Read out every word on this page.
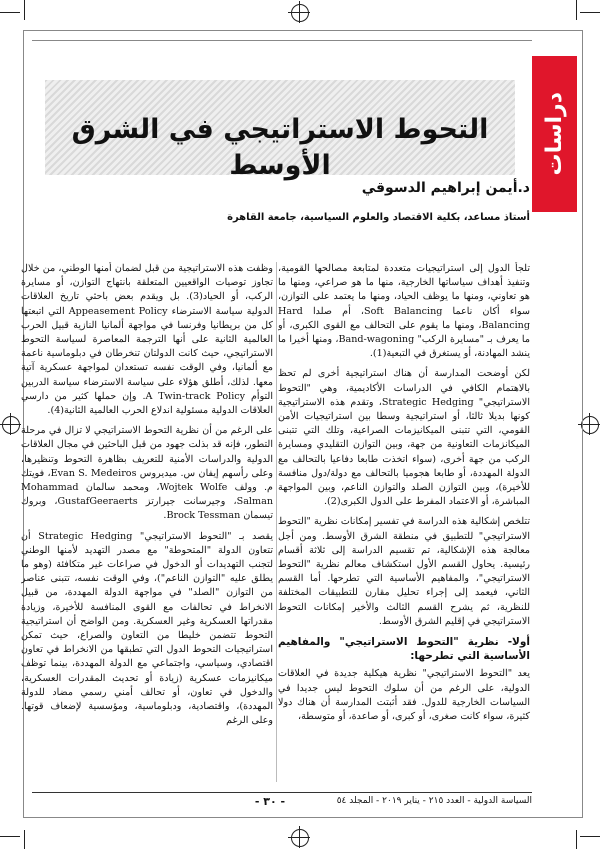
دراسات
التحوط الاستراتيجي في الشرق الأوسط
د.أيمن إبراهيم الدسوقي
أستاذ مساعد، بكلية الاقتصاد والعلوم السياسية، جامعة القاهرة

تلجأ الدول إلى استراتيجيات متعددة لمتابعة مصالحها القومية، وتنفيذ أهداف سياساتها الخارجية، منها ما هو صراعي، ومنها ما هو تعاوني، ومنها ما يوظف الحياد، ومنها ما يعتمد على التوازن، سواء أكان ناعما Soft Balancing، أم صلدا Hard Balancing، ومنها ما يقوم على التحالف مع القوى الكبرى، أو ما يعرف بـ "مسايرة الركب" Band-wagoning، ومنها أخيرا ما ينشد المهادنة، أو يستغرق في التبعية(1).

لكن أوضحت المدارسة أن هناك استراتيجية أخرى لم تحظ بالاهتمام الكافي في الدراسات الأكاديمية، وهي "التحوط الاستراتيجي" Strategic Hedging، وتقدم هذه الاستراتيجية كونها بديلا ثالثا، أو استراتيجية وسطا بين استراتيجيات الأمن القومي، التي تتبنى الميكانيزمات الصراعية، وتلك التي تتبنى الميكانزمات التعاونية من جهة، وبين التوازن التقليدي ومسايرة الركب من جهة أخرى، (سواء اتخذت طابعا دفاعيا بالتحالف مع الدولة المهددة، أو طابعا هجوميا بالتحالف مع دولة/دول منافسة للأخيرة)، وبين التوازن الصلد والتوازن الناعم، وبين المواجهة المباشرة، أو الاعتماد المفرط على الدول الكبرى(2).

تتلخص إشكالية هذه الدراسة في تفسير إمكانات نظرية "التحوط الاستراتيجي" للتطبيق في منطقة الشرق الأوسط. ومن أجل معالجة هذه الإشكالية، تم تقسيم الدراسة إلى ثلاثة أقسام رئيسية. يحاول القسم الأول استكشاف معالم نظرية "التحوط الاستراتيجي"، والمفاهيم الأساسية التي تطرحها. أما القسم الثاني، فيعمد إلى إجراء تحليل مقارن للتطبيقات المختلفة للنظرية، ثم يشرح القسم الثالث والأخير إمكانات التحوط الاستراتيجي في إقليم الشرق الأوسط.

أولا- نظرية "التحوط الاستراتيجي" والمفاهيم الأساسية التي تطرحها:

يعد "التحوط الاستراتيجي" نظرية هيكلية جديدة في العلاقات الدولية، على الرغم من أن سلوك التحوط ليس جديدا في السياسات الخارجية للدول. فقد أثبتت المدارسة أن هناك دولا كثيرة، سواء كانت صغرى، أو كبرى، أو صاعدة، أو متوسطة،

وظفت هذه الاستراتيجية من قبل لضمان أمنها الوطني، من خلال تجاوز توصيات الواقعيين المتعلقة بانتهاج التوازن، أو مسايرة الركب، أو الحياد(3). بل ويقدم بعض باحثي تاريخ العلاقات الدولية سياسة الاسترضاء Appeasement Policy التي اتبعتها كل من بريطانيا وفرنسا في مواجهة ألمانيا النازية قبيل الحرب العالمية الثانية على أنها الترجمة المعاصرة لسياسة التحوط الاستراتيجي، حيث كانت الدولتان تنخرطان في دبلوماسية ناعمة مع ألمانيا، وفي الوقت نفسه تستعدان لمواجهة عسكرية آتية معها. لذلك، أطلق هؤلاء على سياسة الاسترضاء سياسة الدربين التوأم A Twin-track Policy. وإن حملها كثير من دارسي العلاقات الدولية مسئولية اندلاع الحرب العالمية الثانية(4).

على الرغم من أن نظرية التحوط الاستراتيجي لا تزال في مرحلة التطور، فإنه قد بذلت جهود من قبل الباحثين في مجال العلاقات الدولية والدراسات الأمنية للتعريف بظاهرة التحوط وتنظيرها، وعلى رأسهم إيفان س. ميديروس Evan S. Medeiros، فويتك م. وولف Wojtek Wolfe، ومحمد سالمان Mohammad Salman، وجيرسانت جيرارتز GustafGeeraerts، وبروك تيسمان Brock Tessman.

يقصد بـ "التحوط الاستراتيجي" Strategic Hedging أن تتعاون الدولة "المتحوطة" مع مصدر التهديد لأمنها الوطني لتجنب التهديدات أو الدخول في صراعات غير متكافئة (وهو ما يطلق عليه "التوازن الناعم")، وفي الوقت نفسه، تتبنى عناصر من التوازن "الصلد" في مواجهة الدولة المهددة، من قبيل الانخراط في تحالفات مع القوى المنافسة للأخيرة، وزيادة مقدراتها العسكرية وغير العسكرية. ومن الواضح أن استراتيجية التحوط تتضمن خليطا من التعاون والصراع، حيث تمكن استراتيجيات التحوط الدول التي تطبقها من الانخراط في تعاون اقتصادي، وسياسي، واجتماعي مع الدولة المهددة، بينما توظف ميكانيزمات عسكرية (زيادة أو تحديث المقدرات العسكرية، والدخول في تعاون، أو تحالف أمني رسمي مضاد للدولة المهددة)، واقتصادية، ودبلوماسية، ومؤسسية لإضعاف قوتها. وعلى الرغم

السياسة الدولية - العدد ٢١٥ - يناير ٢٠١٩ - المجلد ٥٤
- ٣٠ -
